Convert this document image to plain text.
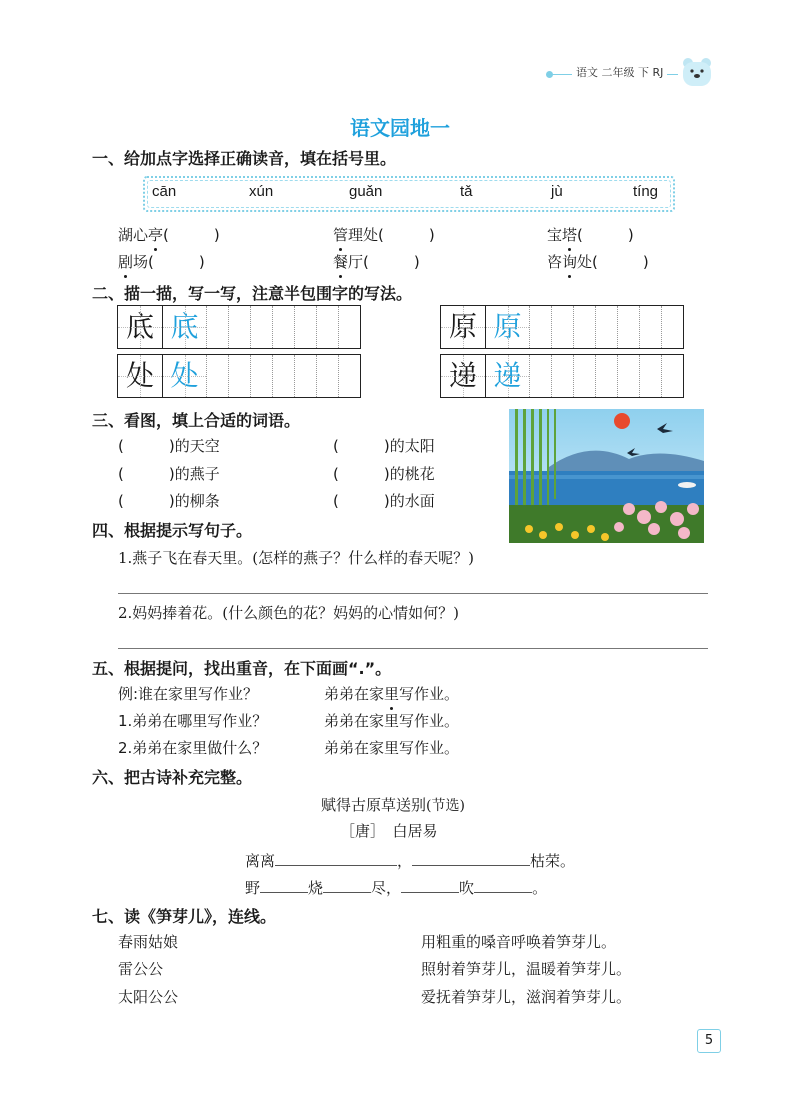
语文 二年级 下 RJ
语文园地一
一、给加点字选择正确读音，填在括号里。
cān	xún	guǎn	tǎ	jù	tíng
湖心亭(　　　)	管理处(　　　)	宝塔(　　　)
剧场(　　　)	餐厅(　　　)	咨询处(　　　)
二、描一描，写一写，注意半包围字的写法。
底 底	原 原
处 处	递 递
三、看图，填上合适的词语。
(　　　)的天空	(　　　)的太阳
(　　　)的燕子	(　　　)的桃花
(　　　)的柳条	(　　　)的水面
四、根据提示写句子。
1.燕子飞在春天里。(怎样的燕子？什么样的春天呢？)
2.妈妈捧着花。(什么颜色的花？妈妈的心情如何？)
五、根据提问，找出重音，在下面画“.”。
例:谁在家里写作业？	弟弟在家里写作业。
1.弟弟在哪里写作业？	弟弟在家里写作业。
2.弟弟在家里做什么？	弟弟在家里写作业。
六、把古诗补充完整。
赋得古原草送别(节选)
［唐］　白居易
离离	，	枯荣。
野	烧	尽，	吹	。
七、读《笋芽儿》，连线。
春雨姑娘
雷公公
太阳公公
用粗重的嗓音呼唤着笋芽儿。
照射着笋芽儿，温暖着笋芽儿。
爱抚着笋芽儿，滋润着笋芽儿。
5
